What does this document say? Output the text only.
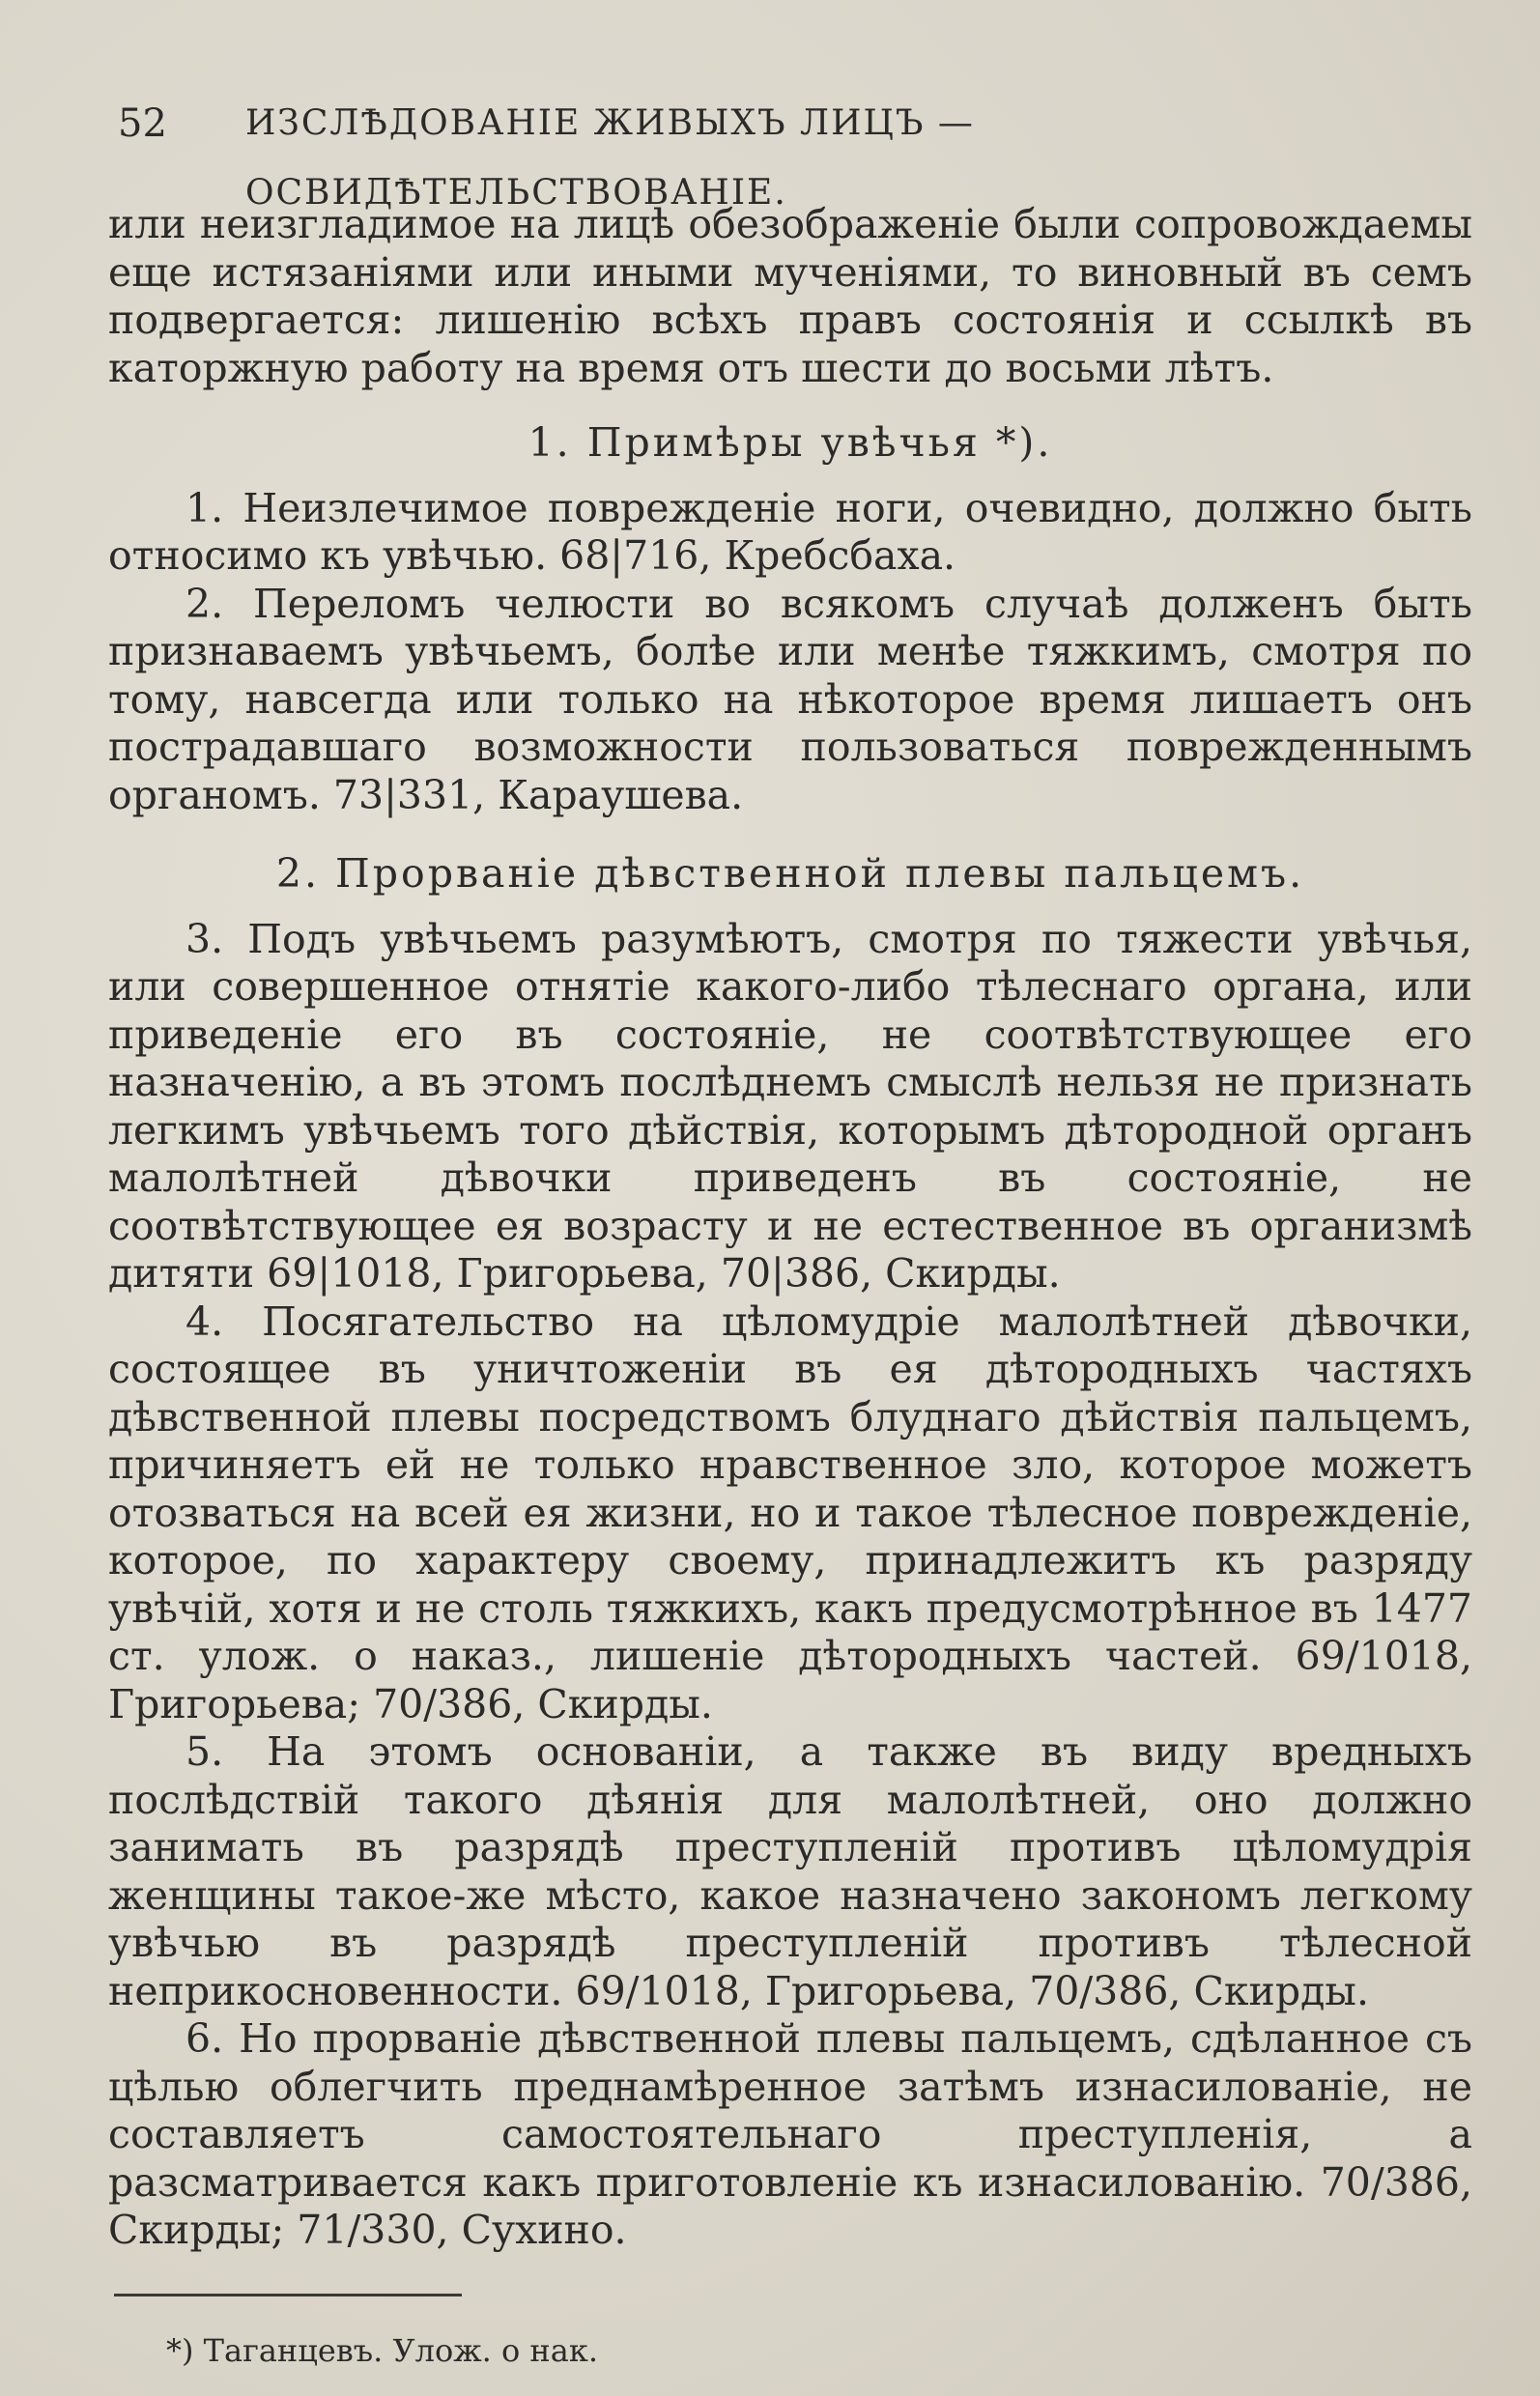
52 ИЗСЛѢДОВАНІЕ ЖИВЫХЪ ЛИЦЪ — ОСВИДѢТЕЛЬСТВОВАНІЕ.

или неизгладимое на лицѣ обезображеніе были сопровождаемы еще истязаніями или иными мученіями, то виновный въ семъ подвергается: лишенію всѣхъ правъ состоянія и ссылкѣ въ каторжную работу на время отъ шести до восьми лѣтъ.

1. Примѣры увѣчья *).

1. Неизлечимое поврежденіе ноги, очевидно, должно быть относимо къ увѣчью. 68|716, Кребсбаха.

2. Переломъ челюсти во всякомъ случаѣ долженъ быть признаваемъ увѣчьемъ, болѣе или менѣе тяжкимъ, смотря по тому, навсегда или только на нѣкоторое время лишаетъ онъ пострадавшаго возможности пользоваться поврежденнымъ органомъ. 73|331, Караушева.

2. Прорваніе дѣвственной плевы пальцемъ.

3. Подъ увѣчьемъ разумѣютъ, смотря по тяжести увѣчья, или совершенное отнятіе какого-либо тѣлеснаго органа, или приведеніе его въ состояніе, не соотвѣтствующее его назначенію, а въ этомъ послѣднемъ смыслѣ нельзя не признать легкимъ увѣчьемъ того дѣйствія, которымъ дѣтородной органъ малолѣтней дѣвочки приведенъ въ состояніе, не соотвѣтствующее ея возрасту и не естественное въ организмѣ дитяти 69|1018, Григорьева, 70|386, Скирды.

4. Посягательство на цѣломудріе малолѣтней дѣвочки, состоящее въ уничтоженіи въ ея дѣтородныхъ частяхъ дѣвственной плевы посредствомъ блуднаго дѣйствія пальцемъ, причиняетъ ей не только нравственное зло, которое можетъ отозваться на всей ея жизни, но и такое тѣлесное поврежденіе, которое, по характеру своему, принадлежитъ къ разряду увѣчій, хотя и не столь тяжкихъ, какъ предусмотрѣнное въ 1477 ст. улож. о наказ., лишеніе дѣтородныхъ частей. 69/1018, Григорьева; 70/386, Скирды.

5. На этомъ основаніи, а также въ виду вредныхъ послѣдствій такого дѣянія для малолѣтней, оно должно занимать въ разрядѣ преступленій противъ цѣломудрія женщины такое-же мѣсто, какое назначено закономъ легкому увѣчью въ разрядѣ преступленій противъ тѣлесной неприкосновенности. 69/1018, Григорьева, 70/386, Скирды.

6. Но прорваніе дѣвственной плевы пальцемъ, сдѣланное съ цѣлью облегчить преднамѣренное затѣмъ изнасилованіе, не составляетъ самостоятельнаго преступленія, а разсматривается какъ приготовленіе къ изнасилованію. 70/386, Скирды; 71/330, Сухино.

*) Таганцевъ. Улож. о нак.
